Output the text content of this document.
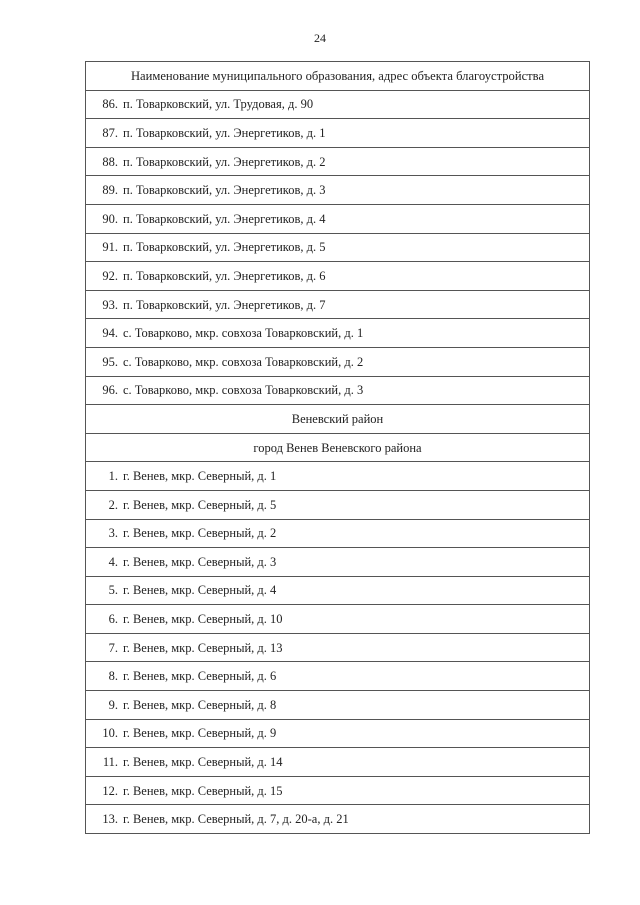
24
Наименование муниципального образования, адрес объекта благоустройства
86. п. Товарковский, ул. Трудовая, д. 90
87. п. Товарковский, ул. Энергетиков, д. 1
88. п. Товарковский, ул. Энергетиков, д. 2
89. п. Товарковский, ул. Энергетиков, д. 3
90. п. Товарковский, ул. Энергетиков, д. 4
91. п. Товарковский, ул. Энергетиков, д. 5
92. п. Товарковский, ул. Энергетиков, д. 6
93. п. Товарковский, ул. Энергетиков, д. 7
94. с. Товарково, мкр. совхоза Товарковский, д. 1
95. с. Товарково, мкр. совхоза Товарковский, д. 2
96. с. Товарково, мкр. совхоза Товарковский, д. 3
Веневский район
город Венев Веневского района
1. г. Венев, мкр. Северный, д. 1
2. г. Венев, мкр. Северный, д. 5
3. г. Венев, мкр. Северный, д. 2
4. г. Венев, мкр. Северный, д. 3
5. г. Венев, мкр. Северный, д. 4
6. г. Венев, мкр. Северный, д. 10
7. г. Венев, мкр. Северный, д. 13
8. г. Венев, мкр. Северный, д. 6
9. г. Венев, мкр. Северный, д. 8
10. г. Венев, мкр. Северный, д. 9
11. г. Венев, мкр. Северный, д. 14
12. г. Венев, мкр. Северный, д. 15
13. г. Венев, мкр. Северный, д. 7, д. 20-а, д. 21
